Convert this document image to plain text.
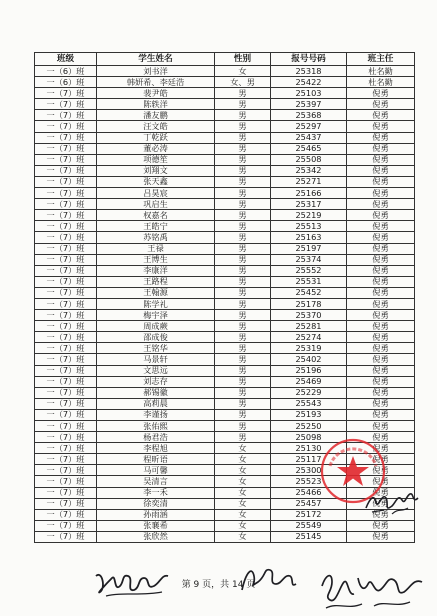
班级	学生姓名	性别	报号号码	班主任
一（6）班	刘书洋	女	25318	杜名勤
一（6）班	韩妍希、李廷浩	女、男	25422	杜名勤
一（7）班	裴尹皓	男	25103	倪勇
一（7）班	陈轶洋	男	25397	倪勇
一（7）班	潘友鹏	男	25368	倪勇
一（7）班	汪文皓	男	25297	倪勇
一（7）班	丁乾跃	男	25437	倪勇
一（7）班	董必涛	男	25465	倪勇
一（7）班	项德笙	男	25508	倪勇
一（7）班	刘翔文	男	25342	倪勇
一（7）班	张天鑫	男	25271	倪勇
一（7）班	吕昊宸	男	25166	倪勇
一（7）班	巩启生	男	25317	倪勇
一（7）班	权嘉名	男	25219	倪勇
一（7）班	王皓宁	男	25513	倪勇
一（7）班	苏铭禹	男	25163	倪勇
一（7）班	王禄	男	25197	倪勇
一（7）班	王博生	男	25374	倪勇
一（7）班	李康洋	男	25552	倪勇
一（7）班	王路程	男	25531	倪勇
一（7）班	王翰源	男	25452	倪勇
一（7）班	陈学礼	男	25178	倪勇
一（7）班	梅宇泽	男	25370	倪勇
一（7）班	周成蕨	男	25281	倪勇
一（7）班	邵成俊	男	25274	倪勇
一（7）班	王铭华	男	25319	倪勇
一（7）班	马景轩	男	25402	倪勇
一（7）班	文思远	男	25196	倪勇
一（7）班	刘志存	男	25469	倪勇
一（7）班	郝锡徽	男	25229	倪勇
一（7）班	高莉晨	男	25543	倪勇
一（7）班	李谨扬	男	25193	倪勇
一（7）班	张佑熙	男	25250	倪勇
一（7）班	杨君浩	男	25098	倪勇
一（7）班	李程旭	女	25130	倪勇
一（7）班	程昕语	女	25117	倪勇
一（7）班	马可馨	女	25300	倪勇
一（7）班	吴清言	女	25523	倪勇
一（7）班	李一禾	女	25466	倪勇
一（7）班	徐奕清	女	25457	倪勇
一（7）班	孙雨涵	女	25172	倪勇
一（7）班	张襄希	女	25549	倪勇
一（7）班	张欣然	女	25145	倪勇
第 9 页，共 14 页
